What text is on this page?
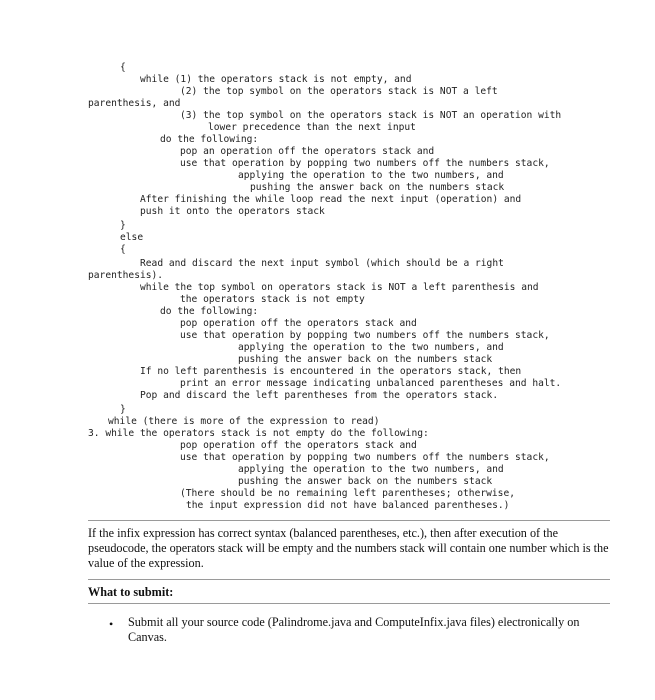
{
while (1) the operators stack is not empty, and
(2) the top symbol on the operators stack is NOT a left
parenthesis, and
(3) the top symbol on the operators stack is NOT an operation with
lower precedence than the next input
do the following:
pop an operation off the operators stack and
use that operation by popping two numbers off the numbers stack,
applying the operation to the two numbers, and
pushing the answer back on the numbers stack
After finishing the while loop read the next input (operation) and
push it onto the operators stack
}
else
{
Read and discard the next input symbol (which should be a right
parenthesis).
while the top symbol on operators stack is NOT a left parenthesis and
the operators stack is not empty
do the following:
pop operation off the operators stack and
use that operation by popping two numbers off the numbers stack,
applying the operation to the two numbers, and
pushing the answer back on the numbers stack
If no left parenthesis is encountered in the operators stack, then
print an error message indicating unbalanced parentheses and halt.
Pop and discard the left parentheses from the operators stack.
}
while (there is more of the expression to read)
3. while the operators stack is not empty do the following:
pop operation off the operators stack and
use that operation by popping two numbers off the numbers stack,
applying the operation to the two numbers, and
pushing the answer back on the numbers stack
(There should be no remaining left parentheses; otherwise,
the input expression did not have balanced parentheses.)

If the infix expression has correct syntax (balanced parentheses, etc.), then after execution of the pseudocode, the operators stack will be empty and the numbers stack will contain one number which is the value of the expression.

What to submit:

• Submit all your source code (Palindrome.java and ComputeInfix.java files) electronically on Canvas.
